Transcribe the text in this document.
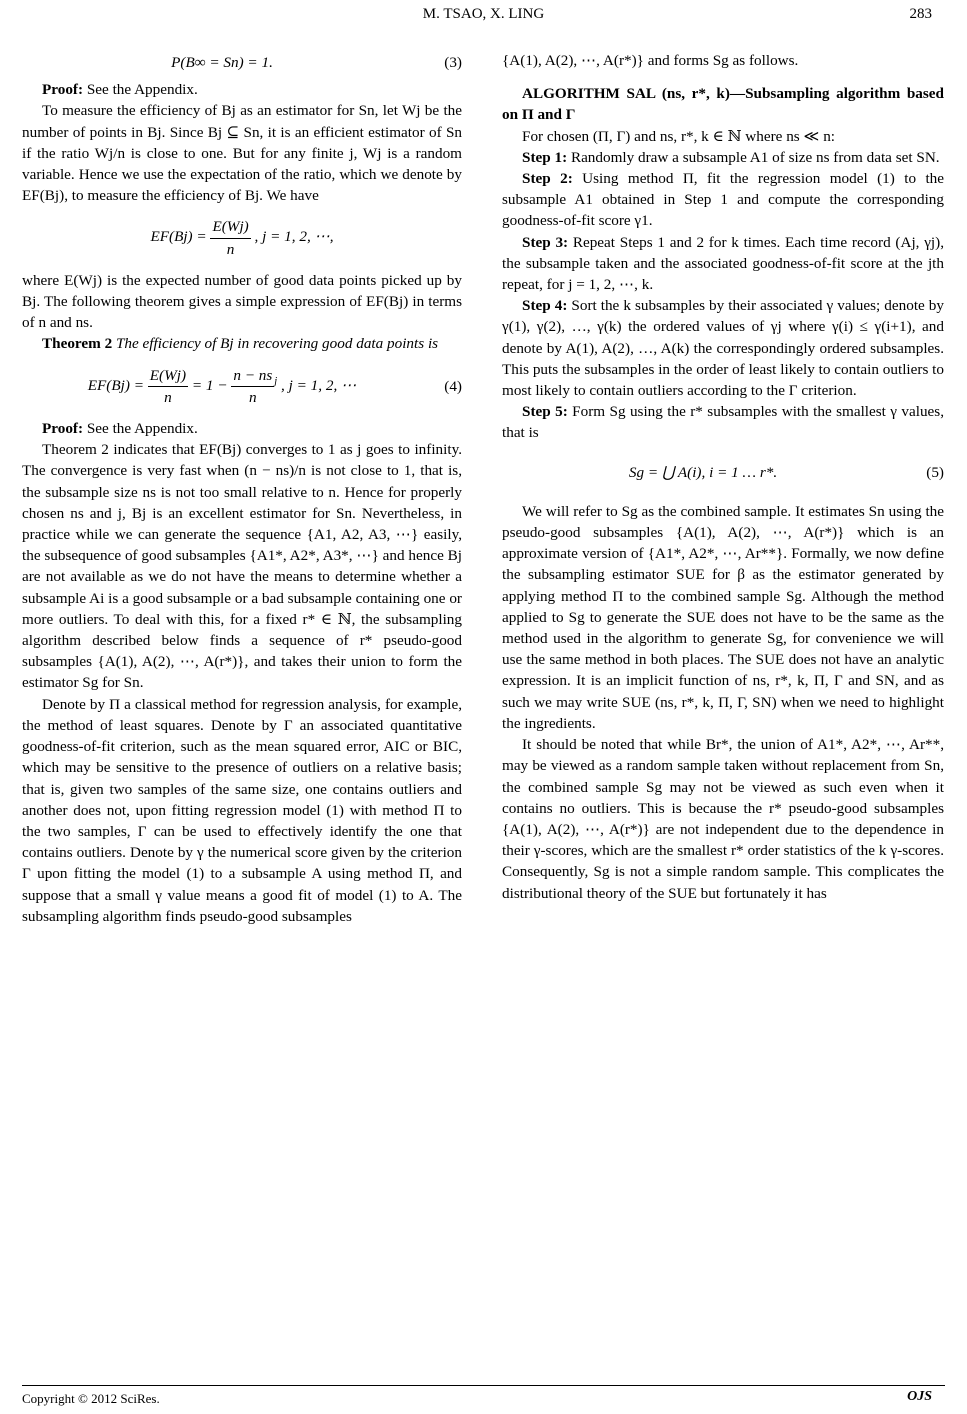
M. TSAO, X. LING	283
P(B∞ = Sn) = 1.	(3)

Proof: See the Appendix.

To measure the efficiency of Bj as an estimator for Sn, let Wj be the number of points in Bj. Since Bj ⊆ Sn, it is an efficient estimator of Sn if the ratio Wj/n is close to one. But for any finite j, Wj is a random variable. Hence we use the expectation of the ratio, which we denote by EF(Bj), to measure the efficiency of Bj. We have

$EF(Bj) = \frac{E(Wj)}{n}$ , j = 1, 2, ⋯,

where E(Wj) is the expected number of good data points picked up by Bj. The following theorem gives a simple expression of EF(Bj) in terms of n and ns.

Theorem 2 The efficiency of Bj in recovering good data points is

$EF(Bj) = \frac{E(Wj)}{n} = 1 - \frac{n - ns}{n} ^j$ , j = 1, 2, ⋯	(4)

Proof: See the Appendix.

Theorem 2 indicates that EF(Bj) converges to 1 as j goes to infinity. The convergence is very fast when (n − ns)/n is not close to 1, that is, the subsample size ns is not too small relative to n. Hence for properly chosen ns and j, Bj is an excellent estimator for Sn. Nevertheless, in practice while we can generate the sequence {A1, A2, A3, ⋯} easily, the subsequence of good subsamples {A1*, A2*, A3*, ⋯} and hence Bj are not available as we do not have the means to determine whether a subsample Ai is a good subsample or a bad subsample containing one or more outliers. To deal with this, for a fixed r* ∈ ℕ, the subsampling algorithm described below finds a sequence of r* pseudo-good subsamples {A(1), A(2), ⋯, A(r*)}, and takes their union to form the estimator Sg for Sn.

Denote by Π a classical method for regression analysis, for example, the method of least squares. Denote by Γ an associated quantitative goodness-of-fit criterion, such as the mean squared error, AIC or BIC, which may be sensitive to the presence of outliers on a relative basis; that is, given two samples of the same size, one contains outliers and another does not, upon fitting regression model (1) with method Π to the two samples, Γ can be used to effectively identify the one that contains outliers. Denote by γ the numerical score given by the criterion Γ upon fitting the model (1) to a subsample A using method Π, and suppose that a small γ value means a good fit of model (1) to A. The subsampling algorithm finds pseudo-good subsamples

{A(1), A(2), ⋯, A(r*)} and forms Sg as follows.

ALGORITHM SAL (ns, r*, k)—Subsampling algorithm based on Π and Γ

For chosen (Π, Γ) and ns, r*, k ∈ ℕ where ns ≪ n:

Step 1: Randomly draw a subsample A1 of size ns from data set SN.

Step 2: Using method Π, fit the regression model (1) to the subsample A1 obtained in Step 1 and compute the corresponding goodness-of-fit score γ1.

Step 3: Repeat Steps 1 and 2 for k times. Each time record (Aj, γj), the subsample taken and the associated goodness-of-fit score at the jth repeat, for j = 1, 2, ⋯, k.

Step 4: Sort the k subsamples by their associated γ values; denote by γ(1), γ(2), …, γ(k) the ordered values of γj where γ(i) ≤ γ(i+1), and denote by A(1), A(2), …, A(k) the correspondingly ordered subsamples. This puts the subsamples in the order of least likely to contain outliers to most likely to contain outliers according to the Γ criterion.

Step 5: Form Sg using the r* subsamples with the smallest γ values, that is

Sg = ⋃ A(i), i = 1 … r*.	(5)

We will refer to Sg as the combined sample. It estimates Sn using the pseudo-good subsamples {A(1), A(2), ⋯, A(r*)} which is an approximate version of {A1*, A2*, ⋯, Ar**}. Formally, we now define the subsampling estimator SUE for β as the estimator generated by applying method Π to the combined sample Sg. Although the method applied to Sg to generate the SUE does not have to be the same as the method used in the algorithm to generate Sg, for convenience we will use the same method in both places. The SUE does not have an analytic expression. It is an implicit function of ns, r*, k, Π, Γ and SN, and as such we may write SUE (ns, r*, k, Π, Γ, SN) when we need to highlight the ingredients.

It should be noted that while Br*, the union of A1*, A2*, ⋯, Ar**, may be viewed as a random sample taken without replacement from Sn, the combined sample Sg may not be viewed as such even when it contains no outliers. This is because the r* pseudo-good subsamples {A(1), A(2), ⋯, A(r*)} are not independent due to the dependence in their γ-scores, which are the smallest r* order statistics of the k γ-scores. Consequently, Sg is not a simple random sample. This complicates the distributional theory of the SUE but fortunately it has

Copyright © 2012 SciRes.	OJS
